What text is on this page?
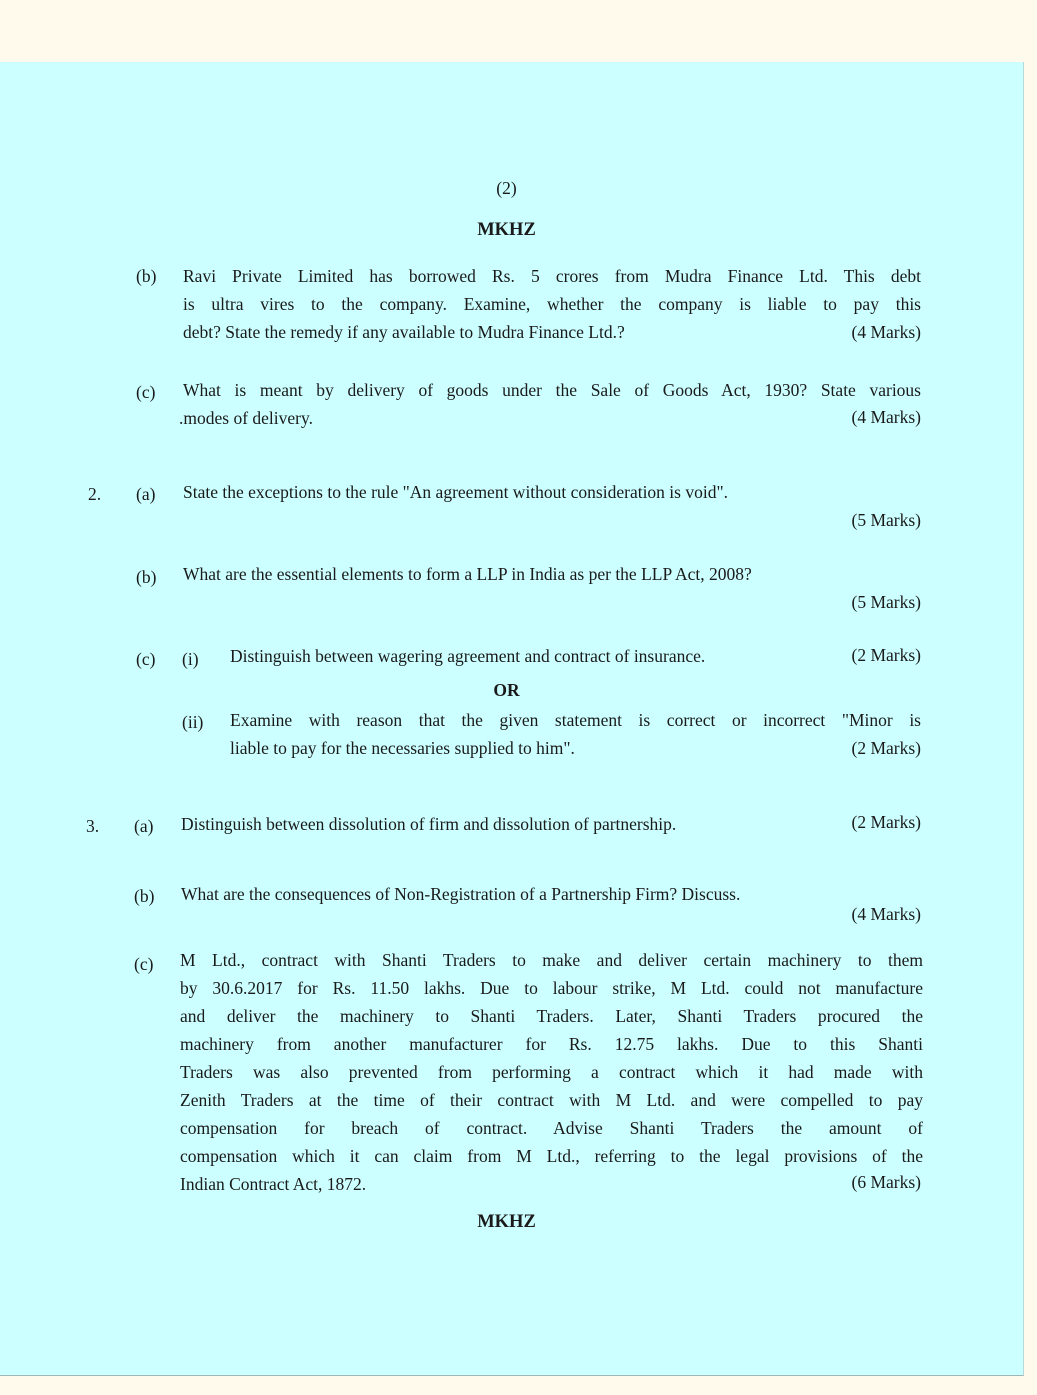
(2)
MKHZ
(b) Ravi Private Limited has borrowed Rs. 5 crores from Mudra Finance Ltd. This debt
is ultra vires to the company. Examine, whether the company is liable to pay this
debt? State the remedy if any available to Mudra Finance Ltd.?	(4 Marks)
(c) What is meant by delivery of goods under the Sale of Goods Act, 1930? State various
.modes of delivery.	(4 Marks)
2. (a) State the exceptions to the rule "An agreement without consideration is void".
(5 Marks)
(b) What are the essential elements to form a LLP in India as per the LLP Act, 2008?
(5 Marks)
(c) (i) Distinguish between wagering agreement and contract of insurance.	(2 Marks)
OR
(ii) Examine with reason that the given statement is correct or incorrect "Minor is
liable to pay for the necessaries supplied to him".	(2 Marks)
3. (a) Distinguish between dissolution of firm and dissolution of partnership.	(2 Marks)
(b) What are the consequences of Non-Registration of a Partnership Firm? Discuss.
(4 Marks)
(c) M Ltd., contract with Shanti Traders to make and deliver certain machinery to them
by 30.6.2017 for Rs. 11.50 lakhs. Due to labour strike, M Ltd. could not manufacture
and deliver the machinery to Shanti Traders. Later, Shanti Traders procured the
machinery from another manufacturer for Rs. 12.75 lakhs. Due to this Shanti
Traders was also prevented from performing a contract which it had made with
Zenith Traders at the time of their contract with M Ltd. and were compelled to pay
compensation for breach of contract. Advise Shanti Traders the amount of
compensation which it can claim from M Ltd., referring to the legal provisions of the
Indian Contract Act, 1872.	(6 Marks)
MKHZ
